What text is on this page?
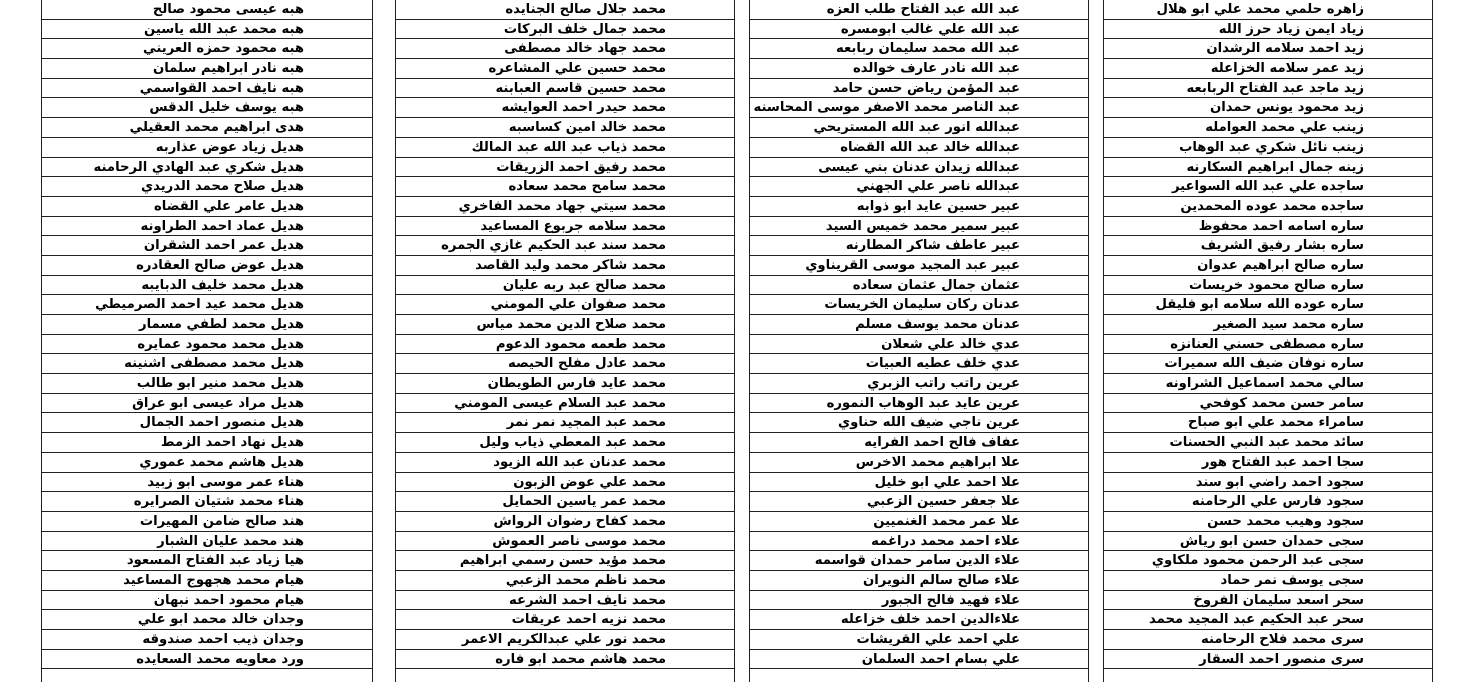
زاهره حلمي محمد علي ابو هلال
زياد ايمن زياد حرز الله
زيد احمد سلامه الرشدان
زيد عمر سلامه الخزاعله
زيد ماجد عبد الفتاح الربابعه
زيد محمود يونس حمدان
زينب علي محمد العوامله
زينب نائل شكري عبد الوهاب
زينه جمال ابراهيم السكارنه
ساجده علي عبد الله السواعير
ساجده محمد عوده المحمدين
ساره اسامه احمد محفوظ
ساره بشار رفيق الشريف
ساره صالح ابراهيم عدوان
ساره صالح محمود خريسات
ساره عوده الله سلامه ابو فليقل
ساره محمد سيد الصغير
ساره مصطفى حسني العنانزه
ساره نوفان ضيف الله سميرات
سالي محمد اسماعيل الشراونه
سامر حسن محمد كوفحي
سامراء محمد علي ابو صباح
سائد محمد عبد النبي الحسنات
سجا احمد عبد الفتاح هور
سجود احمد راضي ابو سند
سجود فارس علي الرحامنه
سجود وهيب محمد حسن
سجى حمدان حسن ابو رياش
سجى عبد الرحمن محمود ملكاوي
سجى يوسف نمر حماد
سحر اسعد سليمان الفروخ
سحر عبد الحكيم عبد المجيد محمد
سرى محمد فلاح الرحامنه
سرى منصور احمد السقار
عبد الله عبد الفتاح طلب العزه
عبد الله علي غالب ابومسره
عبد الله محمد سليمان ربابعه
عبد الله نادر عارف خوالده
عبد المؤمن رياض حسن حامد
عبد الناصر محمد الاصفر موسى المحاسنه
عبدالله انور عبد الله المستريحي
عبدالله خالد عبد الله القضاه
عبدالله زيدان عدنان بني عيسى
عبدالله ناصر علي الجهني
عبير حسين عايد ابو ذوابه
عبير سمير محمد خميس السيد
عبير عاطف شاكر المطارنه
عبير عبد المجيد موسى القريناوي
عثمان جمال عثمان سعاده
عدنان ركان سليمان الخريسات
عدنان محمد يوسف مسلم
عدي خالد علي شعلان
عدي خلف عطيه العبيات
عرين راتب راتب الزبري
عرين عايد عبد الوهاب النموره
عرين ناجي ضيف الله حناوي
عفاف فالح احمد الفرايه
علا ابراهيم محمد الاخرس
علا احمد علي ابو خليل
علا جعفر حسين الزعبي
علا عمر محمد الغنميين
علاء احمد محمد دراغمه
علاء الدين سامر حمدان قواسمه
علاء صالح سالم النويران
علاء فهيد فالح الجبور
علاءالدين احمد خلف خزاعله
علي احمد علي القريشات
علي بسام احمد السلمان
محمد جلال صالح الجنايده
محمد جمال خلف البركات
محمد جهاد خالد مصطفى
محمد حسين علي المشاعره
محمد حسين قاسم العبابنه
محمد حيدر احمد العوايشه
محمد خالد امين كساسبه
محمد ذياب عبد الله عبد المالك
محمد رفيق احمد الزريقات
محمد سامح محمد سعاده
محمد سيتي جهاد محمد الفاخري
محمد سلامه جربوع المساعيد
محمد سند عبد الحكيم غازي الجمره
محمد شاكر محمد وليد القاصد
محمد صالح عبد ربه عليان
محمد صفوان علي المومني
محمد صلاح الدين محمد مياس
محمد طعمه محمود الدعوم
محمد عادل مفلح الحيصه
محمد عايد فارس الطويطان
محمد عبد السلام عيسى المومني
محمد عبد المجيد نمر نمر
محمد عبد المعطي ذياب وليل
محمد عدنان عبد الله الزيود
محمد علي عوض الزبون
محمد عمر ياسين الحمايل
محمد كفاح رضوان الرواش
محمد موسى ناصر العموش
محمد مؤيد حسن رسمي ابراهيم
محمد ناظم محمد الزعبي
محمد نايف احمد الشرعه
محمد نزيه احمد عريقات
محمد نور علي عبدالكريم الاعمر
محمد هاشم محمد ابو فاره
هبه عيسى محمود صالح
هبه محمد عبد الله ياسين
هبه محمود حمزه العريني
هبه نادر ابراهيم سلمان
هبه نايف احمد القواسمي
هبه يوسف خليل الدقس
هدى ابراهيم محمد العقيلي
هديل زياد عوض عذاربه
هديل شكري عبد الهادي الرحامنه
هديل صلاح محمد الدريدي
هديل عامر علي القضاه
هديل عماد احمد الطراونه
هديل عمر احمد الشقران
هديل عوض صالح العقادره
هديل محمد خليف الدبايبه
هديل محمد عيد احمد الصرميطي
هديل محمد لطفي مسمار
هديل محمد محمود عمايره
هديل محمد مصطفى اشنينه
هديل محمد منير ابو طالب
هديل مراد عيسى ابو عراق
هديل منصور احمد الجمال
هديل نهاد احمد الزمط
هديل هاشم محمد عموري
هناء عمر موسى ابو زبيد
هناء محمد شتيان الصرايره
هند صالح ضامن المهيرات
هند محمد عليان الشبار
هيا زياد عبد الفتاح المسعود
هيام محمد هجهوج المساعيد
هيام محمود احمد نبهان
وجدان خالد محمد ابو علي
وجدان ذيب احمد صندوقه
ورد معاويه محمد السعايده
